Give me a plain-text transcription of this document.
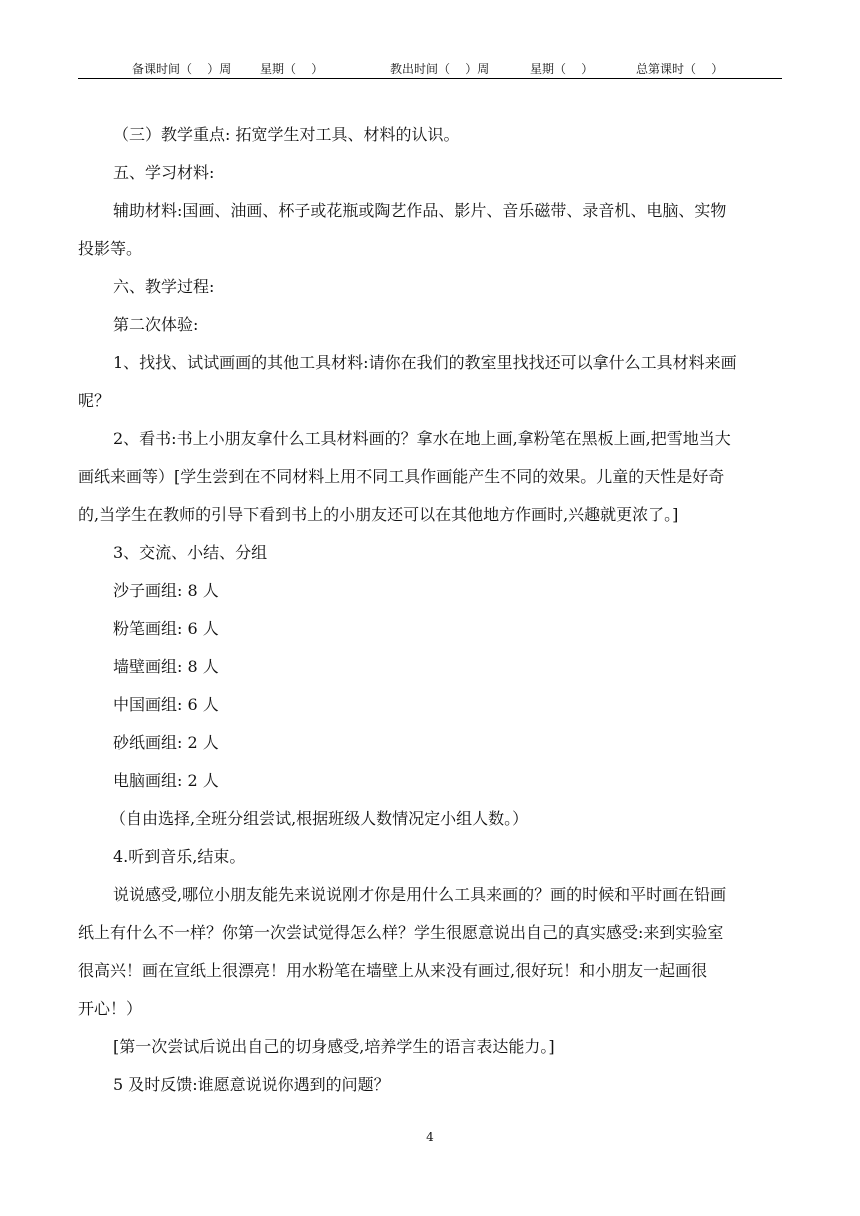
备课时间（    ）周 星期（    ）	教出时间（    ）周	星期（    ）	总第课时（    ）

（三）教学重点: 拓宽学生对工具、材料的认识。

五、学习材料:

辅助材料:国画、油画、杯子或花瓶或陶艺作品、影片、音乐磁带、录音机、电脑、实物

投影等。

六、教学过程:

第二次体验:

1、找找、试试画画的其他工具材料:请你在我们的教室里找找还可以拿什么工具材料来画

呢？

2、看书:书上小朋友拿什么工具材料画的？拿水在地上画,拿粉笔在黑板上画,把雪地当大

画纸来画等）[学生尝到在不同材料上用不同工具作画能产生不同的效果。儿童的天性是好奇

的,当学生在教师的引导下看到书上的小朋友还可以在其他地方作画时,兴趣就更浓了。]

3、交流、小结、分组

沙子画组: 8 人

粉笔画组: 6 人

墙壁画组: 8 人

中国画组: 6 人

砂纸画组: 2 人

电脑画组: 2 人

（自由选择,全班分组尝试,根据班级人数情况定小组人数。）

4.听到音乐,结束。

说说感受,哪位小朋友能先来说说刚才你是用什么工具来画的？画的时候和平时画在铅画

纸上有什么不一样？你第一次尝试觉得怎么样？学生很愿意说出自己的真实感受:来到实验室

很高兴！画在宣纸上很漂亮！用水粉笔在墙壁上从来没有画过,很好玩！和小朋友一起画很

开心！）

[第一次尝试后说出自己的切身感受,培养学生的语言表达能力。]

5 及时反馈:谁愿意说说你遇到的问题？

4
